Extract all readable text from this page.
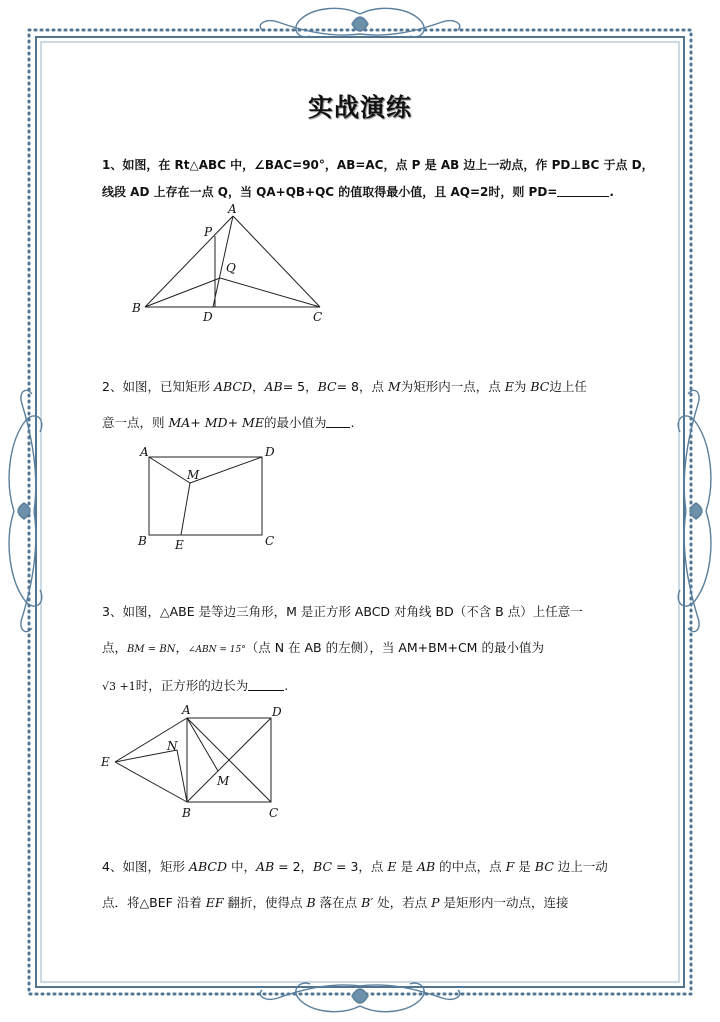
实战演练
1、如图，在 Rt△ABC 中，∠BAC=90°，AB=AC，点 P 是 AB 边上一动点，作 PD⊥BC 于点 D，
线段 AD 上存在一点 Q，当 QA+QB+QC 的值取得最小值，且 AQ=2时，则 PD=	.
A
P
Q
B
D	C
2、如图，已知矩形 ABCD，AB= 5，BC= 8，点 M为矩形内一点，点 E为 BC边上任
意一点，则 MA+ MD+ ME的最小值为 .
A	D
M
B E	C
3、如图，△ABE 是等边三角形，M 是正方形 ABCD 对角线 BD（不含 B 点）上任意一
点，BM = BN，∠ABN = 15°（点 N 在 AB 的左侧），当 AM+BM+CM 的最小值为
√3 +1时，正方形的边长为	.
A	D
N
E
M
B	C
4、如图，矩形 ABCD 中，AB = 2，BC = 3，点 E 是 AB 的中点，点 F 是 BC 边上一动
点．将△BEF 沿着 EF 翻折，使得点 B 落在点 B′ 处，若点 P 是矩形内一动点，连接
